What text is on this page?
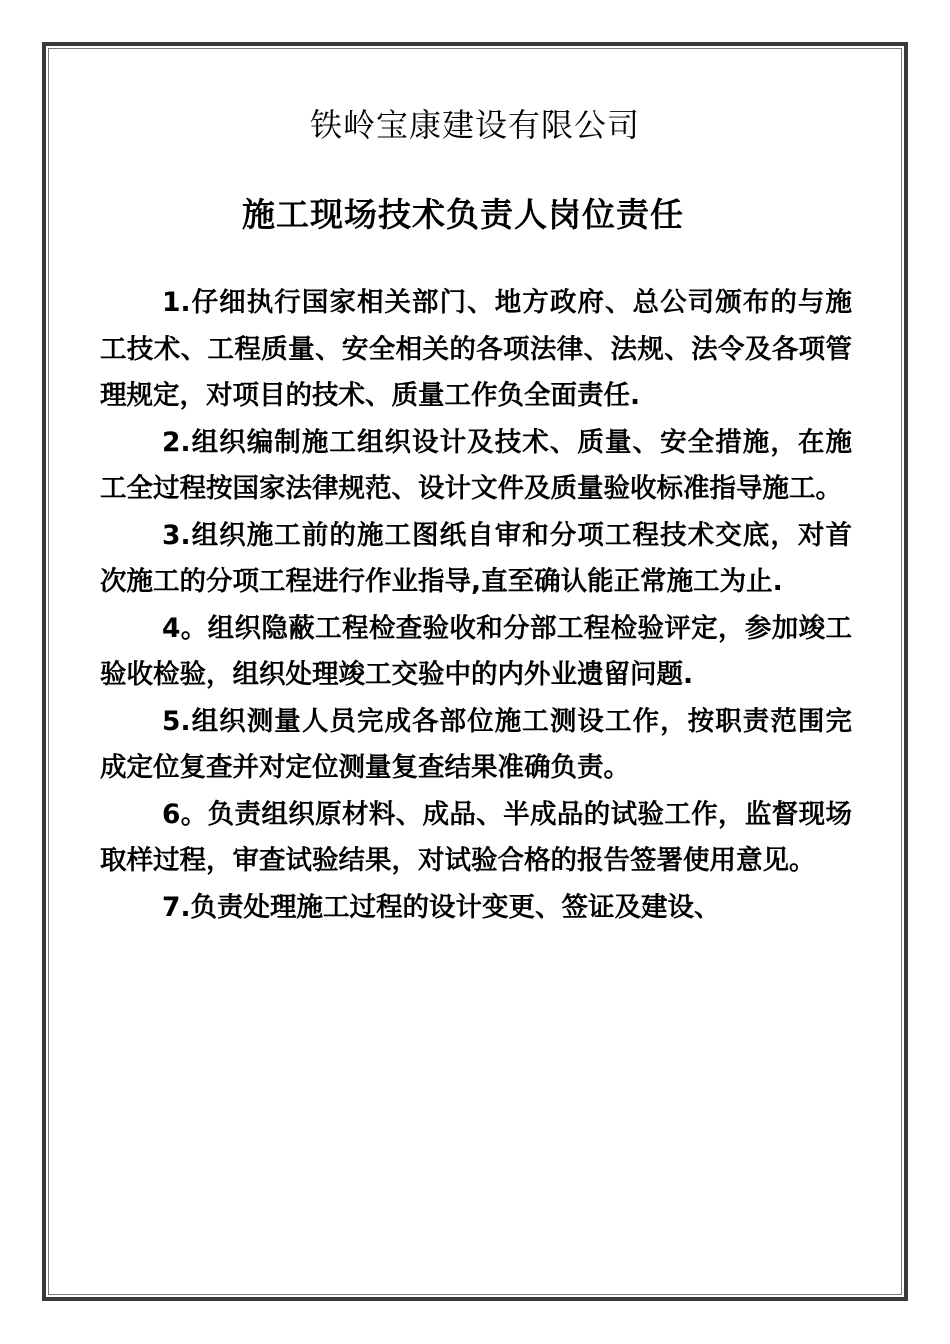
铁岭宝康建设有限公司
施工现场技术负责人岗位责任

1.仔细执行国家相关部门、地方政府、总公司颁布的与施工技术、工程质量、安全相关的各项法律、法规、法令及各项管理规定，对项目的技术、质量工作负全面责任.

2.组织编制施工组织设计及技术、质量、安全措施，在施工全过程按国家法律规范、设计文件及质量验收标准指导施工。

3.组织施工前的施工图纸自审和分项工程技术交底，对首次施工的分项工程进行作业指导,直至确认能正常施工为止.

4。组织隐蔽工程检查验收和分部工程检验评定，参加竣工验收检验，组织处理竣工交验中的内外业遗留问题.

5.组织测量人员完成各部位施工测设工作，按职责范围完成定位复查并对定位测量复查结果准确负责。

6。负责组织原材料、成品、半成品的试验工作，监督现场取样过程，审查试验结果，对试验合格的报告签署使用意见。

7.负责处理施工过程的设计变更、签证及建设、
